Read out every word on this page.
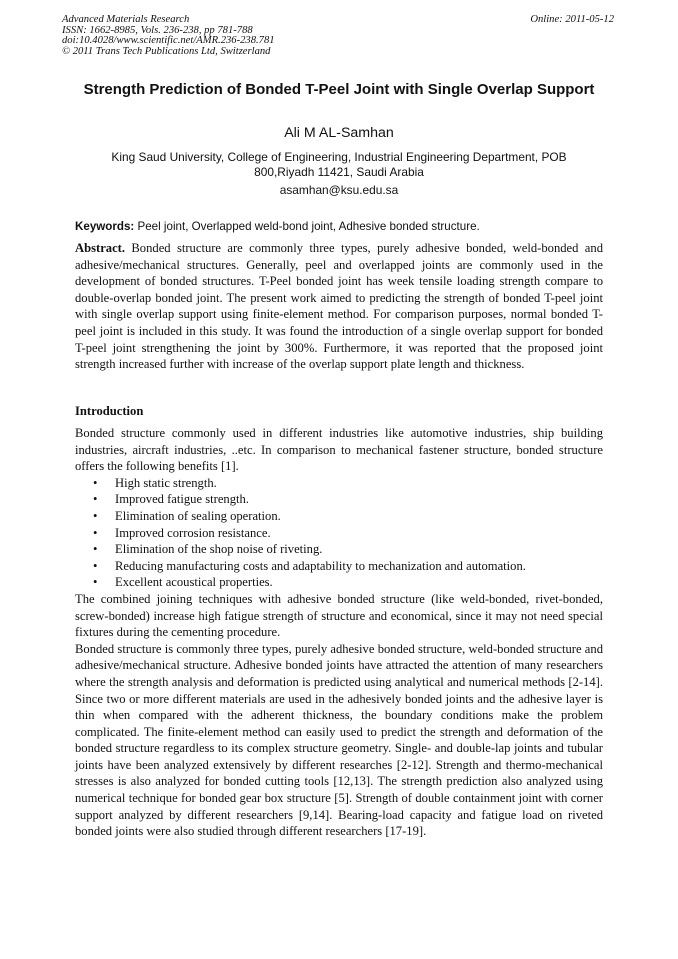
Advanced Materials Research
ISSN: 1662-8985, Vols. 236-238, pp 781-788
doi:10.4028/www.scientific.net/AMR.236-238.781
© 2011 Trans Tech Publications Ltd, Switzerland
Online: 2011-05-12
Strength Prediction of Bonded T-Peel Joint with Single Overlap Support
Ali M AL-Samhan
King Saud University, College of Engineering, Industrial Engineering Department, POB 800,Riyadh 11421, Saudi Arabia
asamhan@ksu.edu.sa
Keywords: Peel joint, Overlapped weld-bond joint, Adhesive bonded structure.
Abstract. Bonded structure are commonly three types, purely adhesive bonded, weld-bonded and adhesive/mechanical structures. Generally, peel and overlapped joints are commonly used in the development of bonded structures. T-Peel bonded joint has week tensile loading strength compare to double-overlap bonded joint. The present work aimed to predicting the strength of bonded T-peel joint with single overlap support using finite-element method. For comparison purposes, normal bonded T-peel joint is included in this study. It was found the introduction of a single overlap support for bonded T-peel joint strengthening the joint by 300%. Furthermore, it was reported that the proposed joint strength increased further with increase of the overlap support plate length and thickness.
Introduction

Bonded structure commonly used in different industries like automotive industries, ship building industries, aircraft industries, ..etc. In comparison to mechanical fastener structure, bonded structure offers the following benefits [1].

• High static strength.
• Improved fatigue strength.
• Elimination of sealing operation.
• Improved corrosion resistance.
• Elimination of the shop noise of riveting.
• Reducing manufacturing costs and adaptability to mechanization and automation.
• Excellent acoustical properties.

The combined joining techniques with adhesive bonded structure (like weld-bonded, rivet-bonded, screw-bonded) increase high fatigue strength of structure and economical, since it may not need special fixtures during the cementing procedure.

Bonded structure is commonly three types, purely adhesive bonded structure, weld-bonded structure and adhesive/mechanical structure. Adhesive bonded joints have attracted the attention of many researchers where the strength analysis and deformation is predicted using analytical and numerical methods [2-14]. Since two or more different materials are used in the adhesively bonded joints and the adhesive layer is thin when compared with the adherent thickness, the boundary conditions make the problem complicated. The finite-element method can easily used to predict the strength and deformation of the bonded structure regardless to its complex structure geometry. Single- and double-lap joints and tubular joints have been analyzed extensively by different researches [2-12]. Strength and thermo-mechanical stresses is also analyzed for bonded cutting tools [12,13]. The strength prediction also analyzed using numerical technique for bonded gear box structure [5]. Strength of double containment joint with corner support analyzed by different researchers [9,14]. Bearing-load capacity and fatigue load on riveted bonded joints were also studied through different researchers [17-19].
